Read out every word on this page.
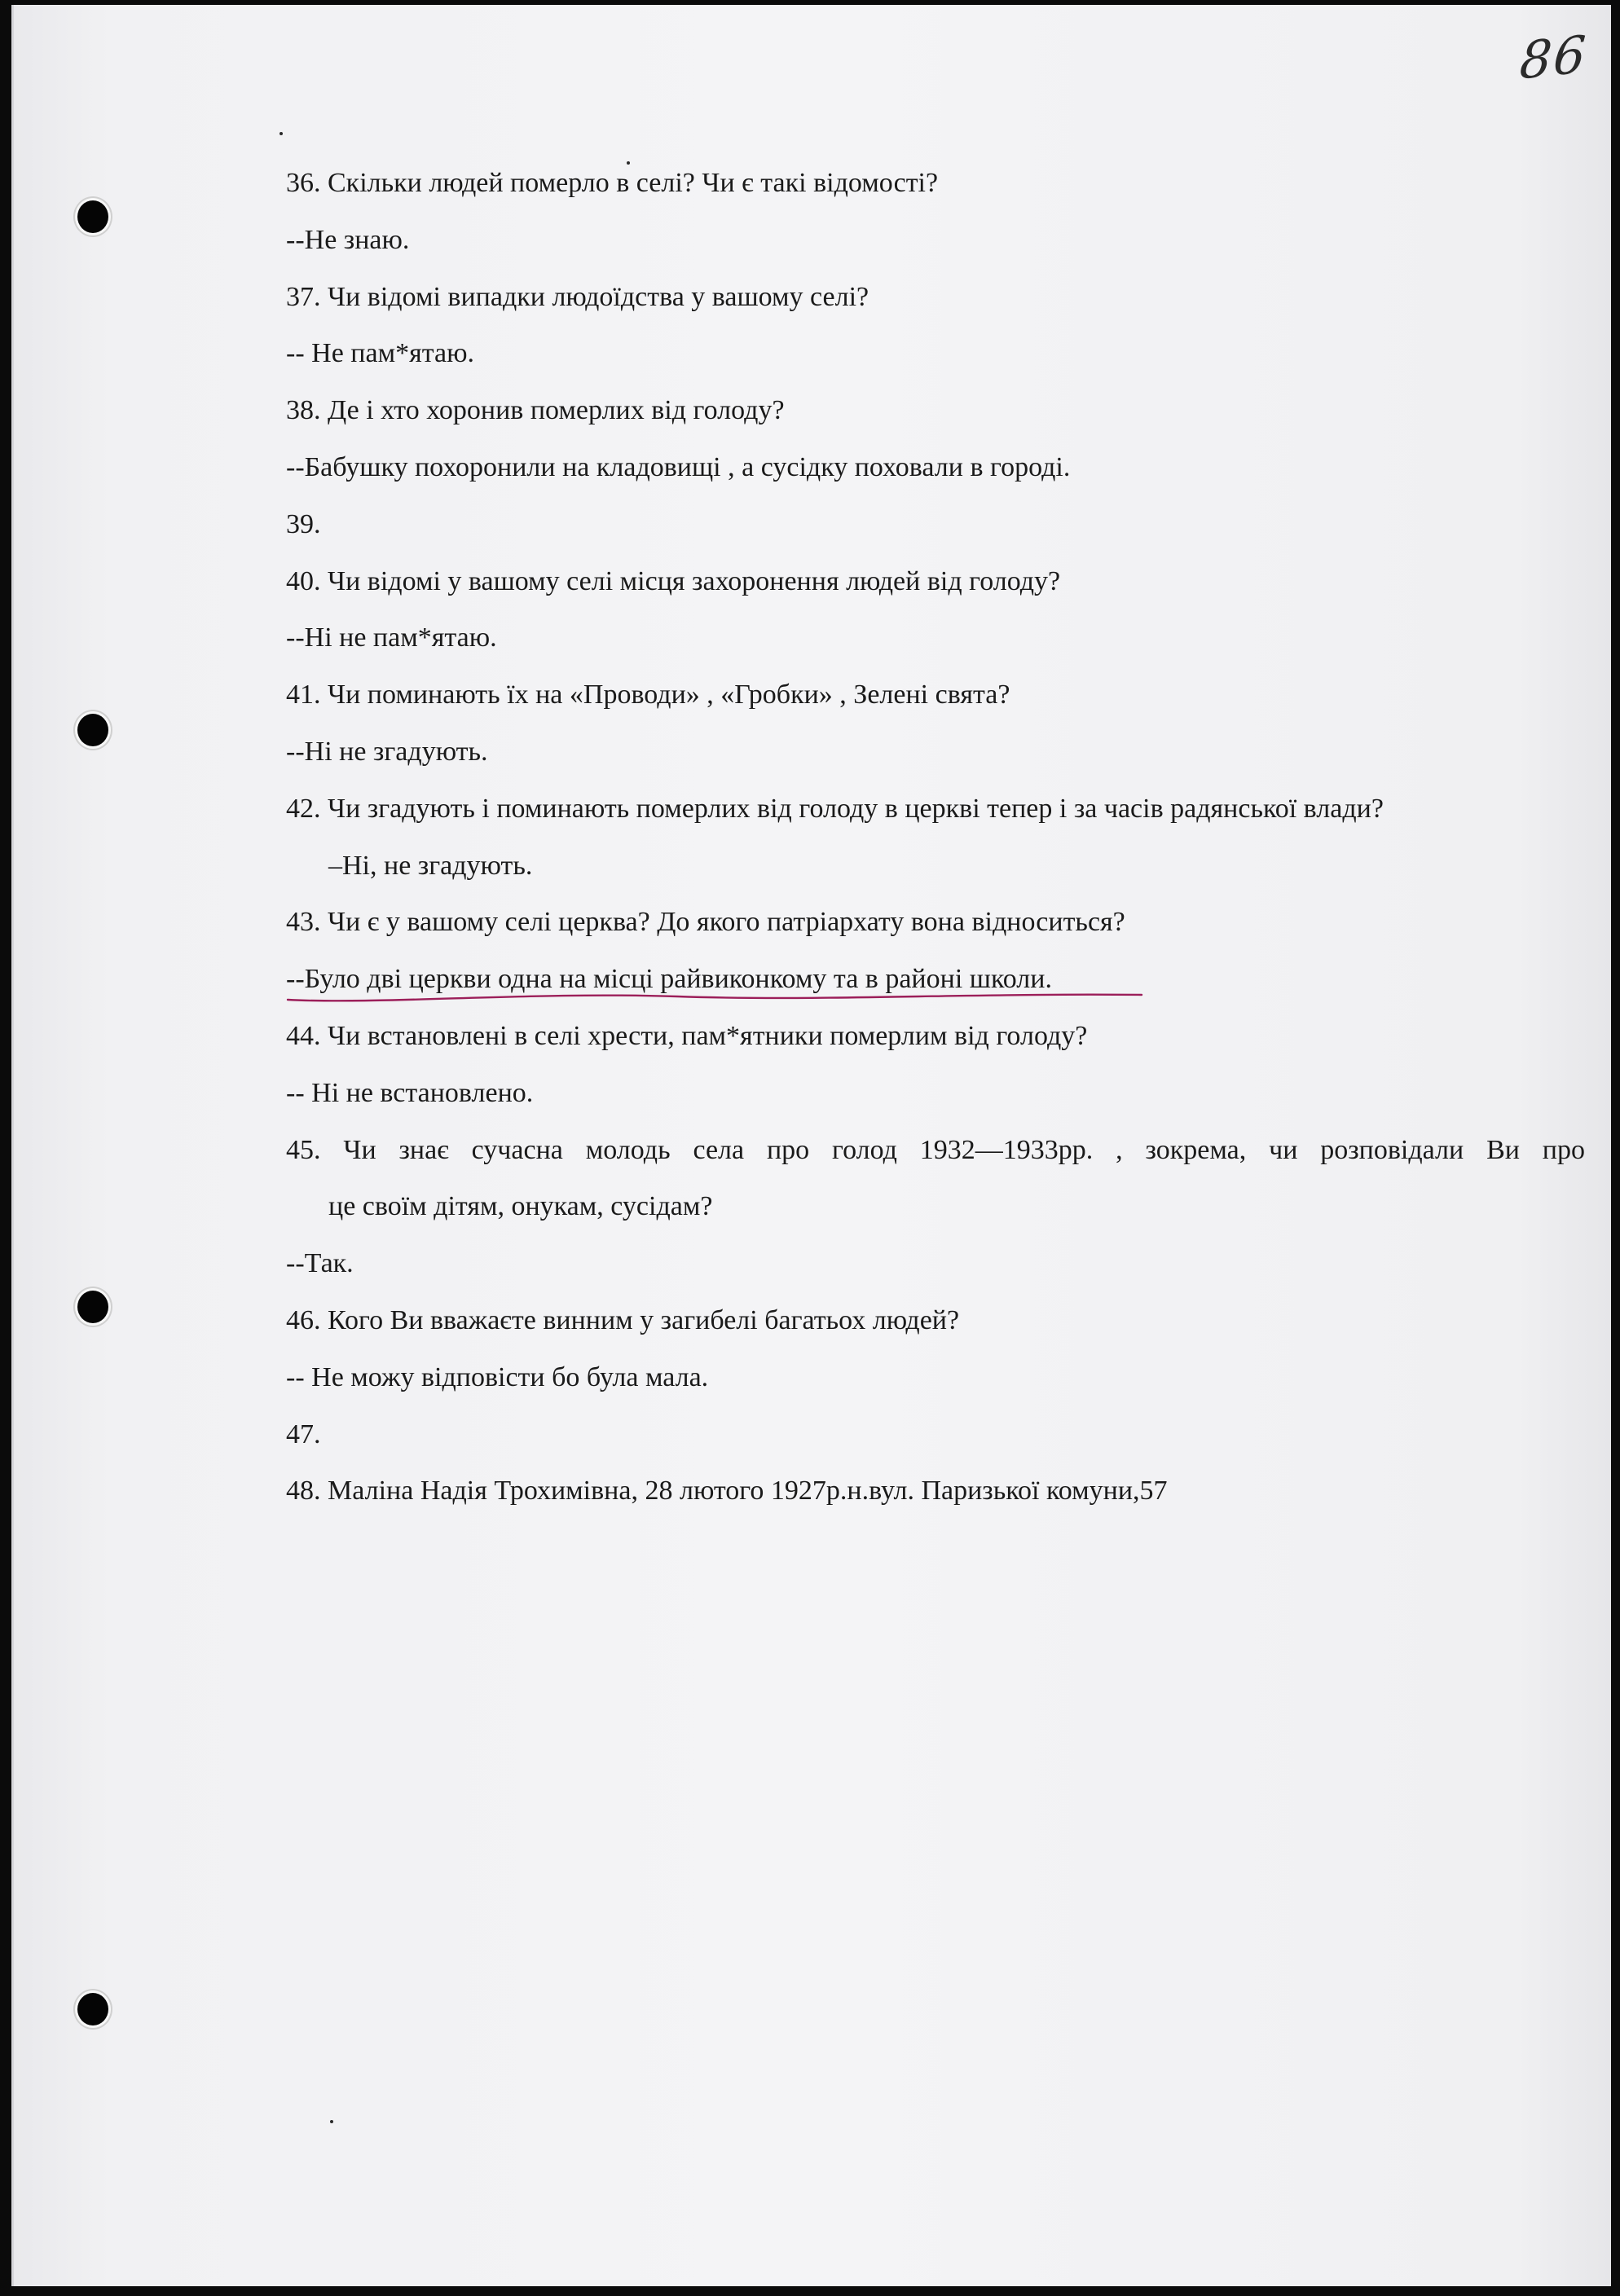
86
36. Скільки людей померло в селі? Чи є такі відомості?
--Не знаю.
37. Чи відомі випадки людоїдства у вашому селі?
-- Не пам*ятаю.
38. Де і хто хоронив померлих від голоду?
--Бабушку похоронили на кладовищі , а сусідку поховали в городі.
39.
40. Чи відомі у вашому селі місця захоронення людей від голоду?
--Ні не пам*ятаю.
41. Чи поминають їх на «Проводи» , «Гробки» , Зелені свята?
--Ні не згадують.
42. Чи згадують і поминають померлих від голоду в церкві тепер і за часів радянської влади?
–Ні, не згадують.
43. Чи є у вашому селі церква? До якого патріархату вона відноситься?
--Було дві церкви одна на місці райвиконкому та в районі школи.
44. Чи встановлені в селі хрести, пам*ятники померлим від голоду?
-- Ні не встановлено.
45. Чи знає сучасна молодь села про голод 1932—1933рр. , зокрема, чи розповідали Ви про
це своїм дітям, онукам, сусідам?
--Так.
46. Кого Ви вважаєте винним у загибелі багатьох людей?
-- Не можу відповісти бо була мала.
47.
48. Маліна Надія Трохимівна, 28 лютого 1927р.н.вул. Паризької комуни,57
